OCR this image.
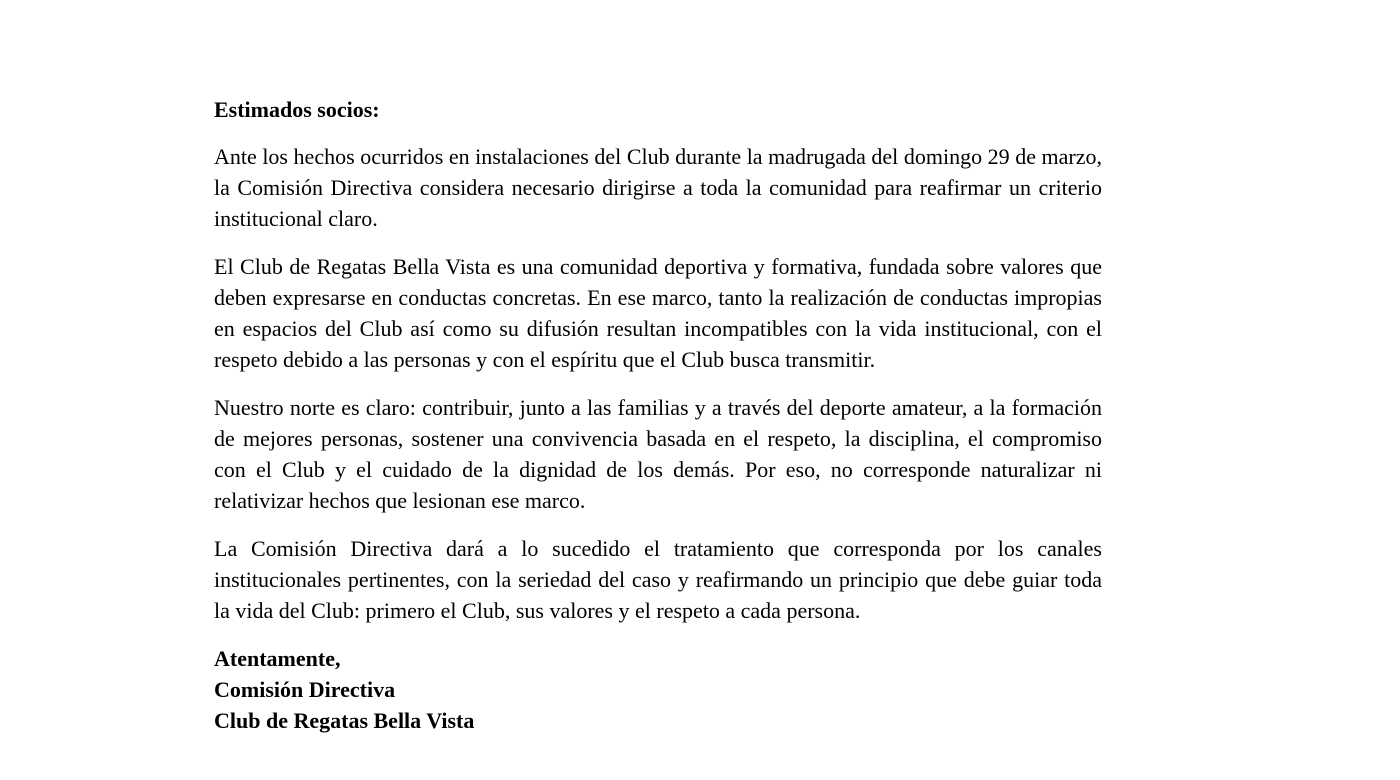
Estimados socios:

Ante los hechos ocurridos en instalaciones del Club durante la madrugada del domingo 29 de marzo, la Comisión Directiva considera necesario dirigirse a toda la comunidad para reafirmar un criterio institucional claro.

El Club de Regatas Bella Vista es una comunidad deportiva y formativa, fundada sobre valores que deben expresarse en conductas concretas. En ese marco, tanto la realización de conductas impropias en espacios del Club así como su difusión resultan incompatibles con la vida institucional, con el respeto debido a las personas y con el espíritu que el Club busca transmitir.

Nuestro norte es claro: contribuir, junto a las familias y a través del deporte amateur, a la formación de mejores personas, sostener una convivencia basada en el respeto, la disciplina, el compromiso con el Club y el cuidado de la dignidad de los demás. Por eso, no corresponde naturalizar ni relativizar hechos que lesionan ese marco.

La Comisión Directiva dará a lo sucedido el tratamiento que corresponda por los canales institucionales pertinentes, con la seriedad del caso y reafirmando un principio que debe guiar toda la vida del Club: primero el Club, sus valores y el respeto a cada persona.

Atentamente,
Comisión Directiva
Club de Regatas Bella Vista
